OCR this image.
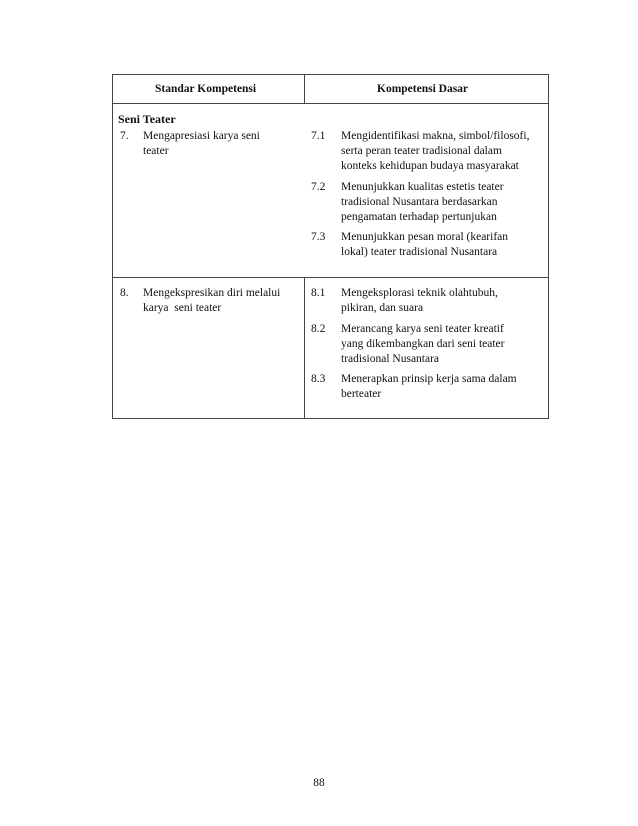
Standar Kompetensi	Kompetensi Dasar
Seni Teater
7. Mengapresiasi karya seni
teater
7.1 Mengidentifikasi makna, simbol/filosofi,
serta peran teater tradisional dalam
konteks kehidupan budaya masyarakat
7.2 Menunjukkan kualitas estetis teater
tradisional Nusantara berdasarkan
pengamatan terhadap pertunjukan
7.3 Menunjukkan pesan moral (kearifan
lokal) teater tradisional Nusantara
8. Mengekspresikan diri melalui
karya  seni teater
8.1 Mengeksplorasi teknik olahtubuh,
pikiran, dan suara
8.2 Merancang karya seni teater kreatif
yang dikembangkan dari seni teater
tradisional Nusantara
8.3 Menerapkan prinsip kerja sama dalam
berteater
88
